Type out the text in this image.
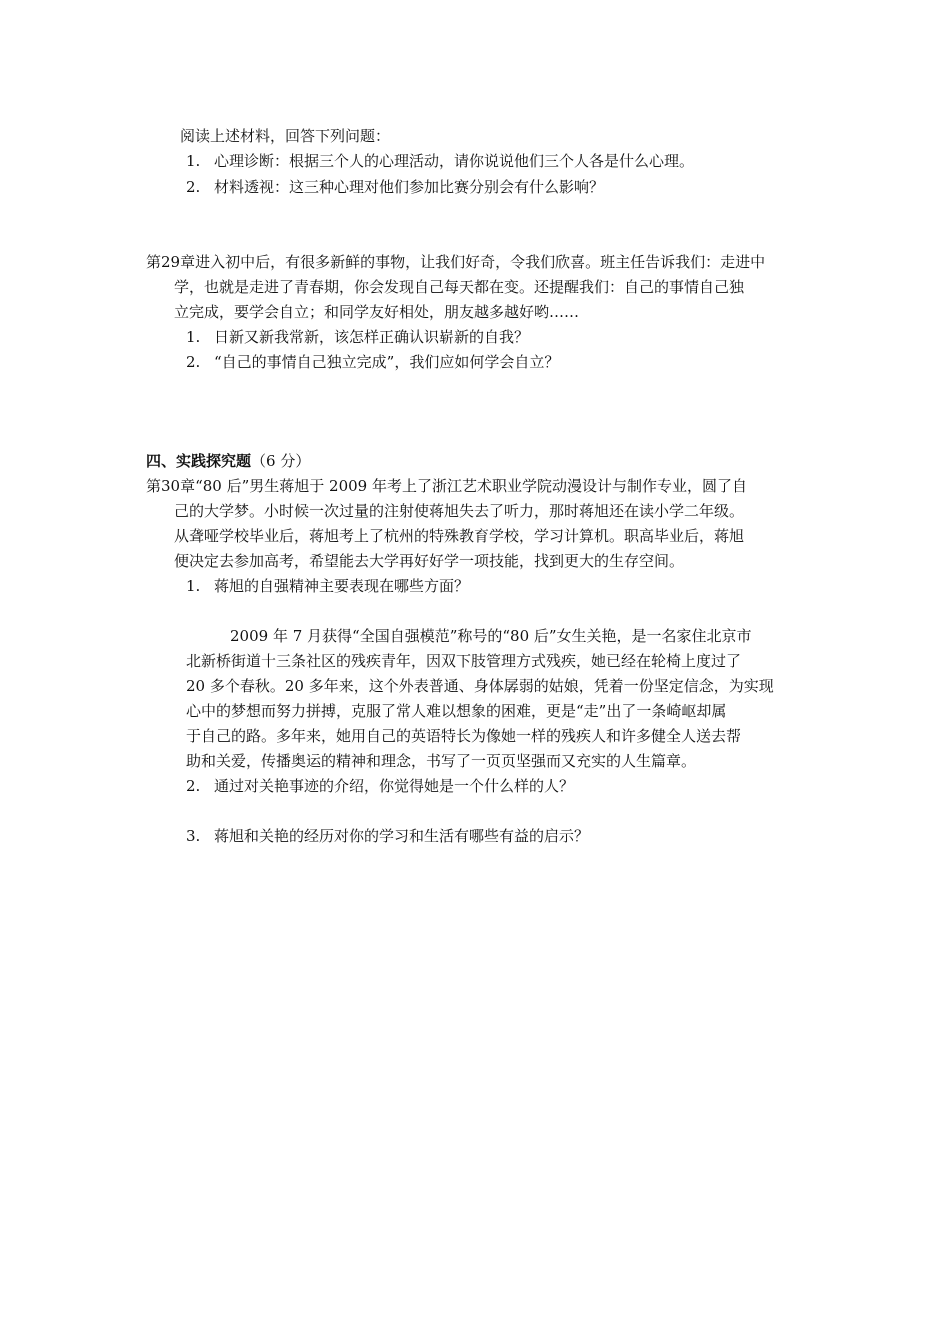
阅读上述材料，回答下列问题：
1. 心理诊断：根据三个人的心理活动，请你说说他们三个人各是什么心理。
2. 材料透视：这三种心理对他们参加比赛分别会有什么影响？
第29章进入初中后，有很多新鲜的事物，让我们好奇，令我们欣喜。班主任告诉我们：走进中
学，也就是走进了青春期，你会发现自己每天都在变。还提醒我们：自己的事情自己独
立完成，要学会自立；和同学友好相处，朋友越多越好哟……
1. 日新又新我常新，该怎样正确认识崭新的自我？
2. “自己的事情自己独立完成”，我们应如何学会自立？
四、实践探究题（6 分）
第30章“80 后”男生蒋旭于 2009 年考上了浙江艺术职业学院动漫设计与制作专业，圆了自
己的大学梦。小时候一次过量的注射使蒋旭失去了听力，那时蒋旭还在读小学二年级。
从聋哑学校毕业后，蒋旭考上了杭州的特殊教育学校，学习计算机。职高毕业后，蒋旭
便决定去参加高考，希望能去大学再好好学一项技能，找到更大的生存空间。
1. 蒋旭的自强精神主要表现在哪些方面？
2009 年 7 月获得“全国自强模范”称号的“80 后”女生关艳，是一名家住北京市
北新桥街道十三条社区的残疾青年，因双下肢管理方式残疾，她已经在轮椅上度过了
20 多个春秋。20 多年来，这个外表普通、身体孱弱的姑娘，凭着一份坚定信念，为实现
心中的梦想而努力拼搏，克服了常人难以想象的困难，更是“走”出了一条崎岖却属
于自己的路。多年来，她用自己的英语特长为像她一样的残疾人和许多健全人送去帮
助和关爱，传播奥运的精神和理念，书写了一页页坚强而又充实的人生篇章。
2. 通过对关艳事迹的介绍，你觉得她是一个什么样的人？
3. 蒋旭和关艳的经历对你的学习和生活有哪些有益的启示？
